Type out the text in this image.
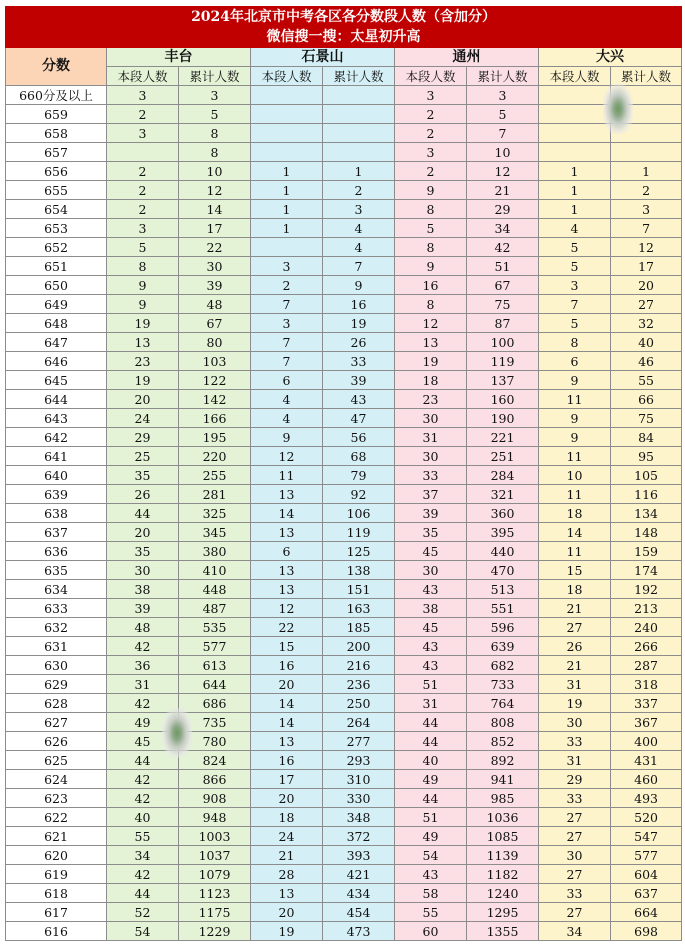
2024年北京市中考各区各分数段人数（含加分）								
微信搜一搜：太星初升高								
分数	丰台		石景山		通州		大兴	
	本段人数	累计人数	本段人数	累计人数	本段人数	累计人数	本段人数	累计人数
660分及以上	3	3			3	3		
659	2	5			2	5		
658	3	8			2	7		
657		8			3	10		
656	2	10	1	1	2	12	1	1
655	2	12	1	2	9	21	1	2
654	2	14	1	3	8	29	1	3
653	3	17	1	4	5	34	4	7
652	5	22		4	8	42	5	12
651	8	30	3	7	9	51	5	17
650	9	39	2	9	16	67	3	20
649	9	48	7	16	8	75	7	27
648	19	67	3	19	12	87	5	32
647	13	80	7	26	13	100	8	40
646	23	103	7	33	19	119	6	46
645	19	122	6	39	18	137	9	55
644	20	142	4	43	23	160	11	66
643	24	166	4	47	30	190	9	75
642	29	195	9	56	31	221	9	84
641	25	220	12	68	30	251	11	95
640	35	255	11	79	33	284	10	105
639	26	281	13	92	37	321	11	116
638	44	325	14	106	39	360	18	134
637	20	345	13	119	35	395	14	148
636	35	380	6	125	45	440	11	159
635	30	410	13	138	30	470	15	174
634	38	448	13	151	43	513	18	192
633	39	487	12	163	38	551	21	213
632	48	535	22	185	45	596	27	240
631	42	577	15	200	43	639	26	266
630	36	613	16	216	43	682	21	287
629	31	644	20	236	51	733	31	318
628	42	686	14	250	31	764	19	337
627	49	735	14	264	44	808	30	367
626	45	780	13	277	44	852	33	400
625	44	824	16	293	40	892	31	431
624	42	866	17	310	49	941	29	460
623	42	908	20	330	44	985	33	493
622	40	948	18	348	51	1036	27	520
621	55	1003	24	372	49	1085	27	547
620	34	1037	21	393	54	1139	30	577
619	42	1079	28	421	43	1182	27	604
618	44	1123	13	434	58	1240	33	637
617	52	1175	20	454	55	1295	27	664
616	54	1229	19	473	60	1355	34	698
